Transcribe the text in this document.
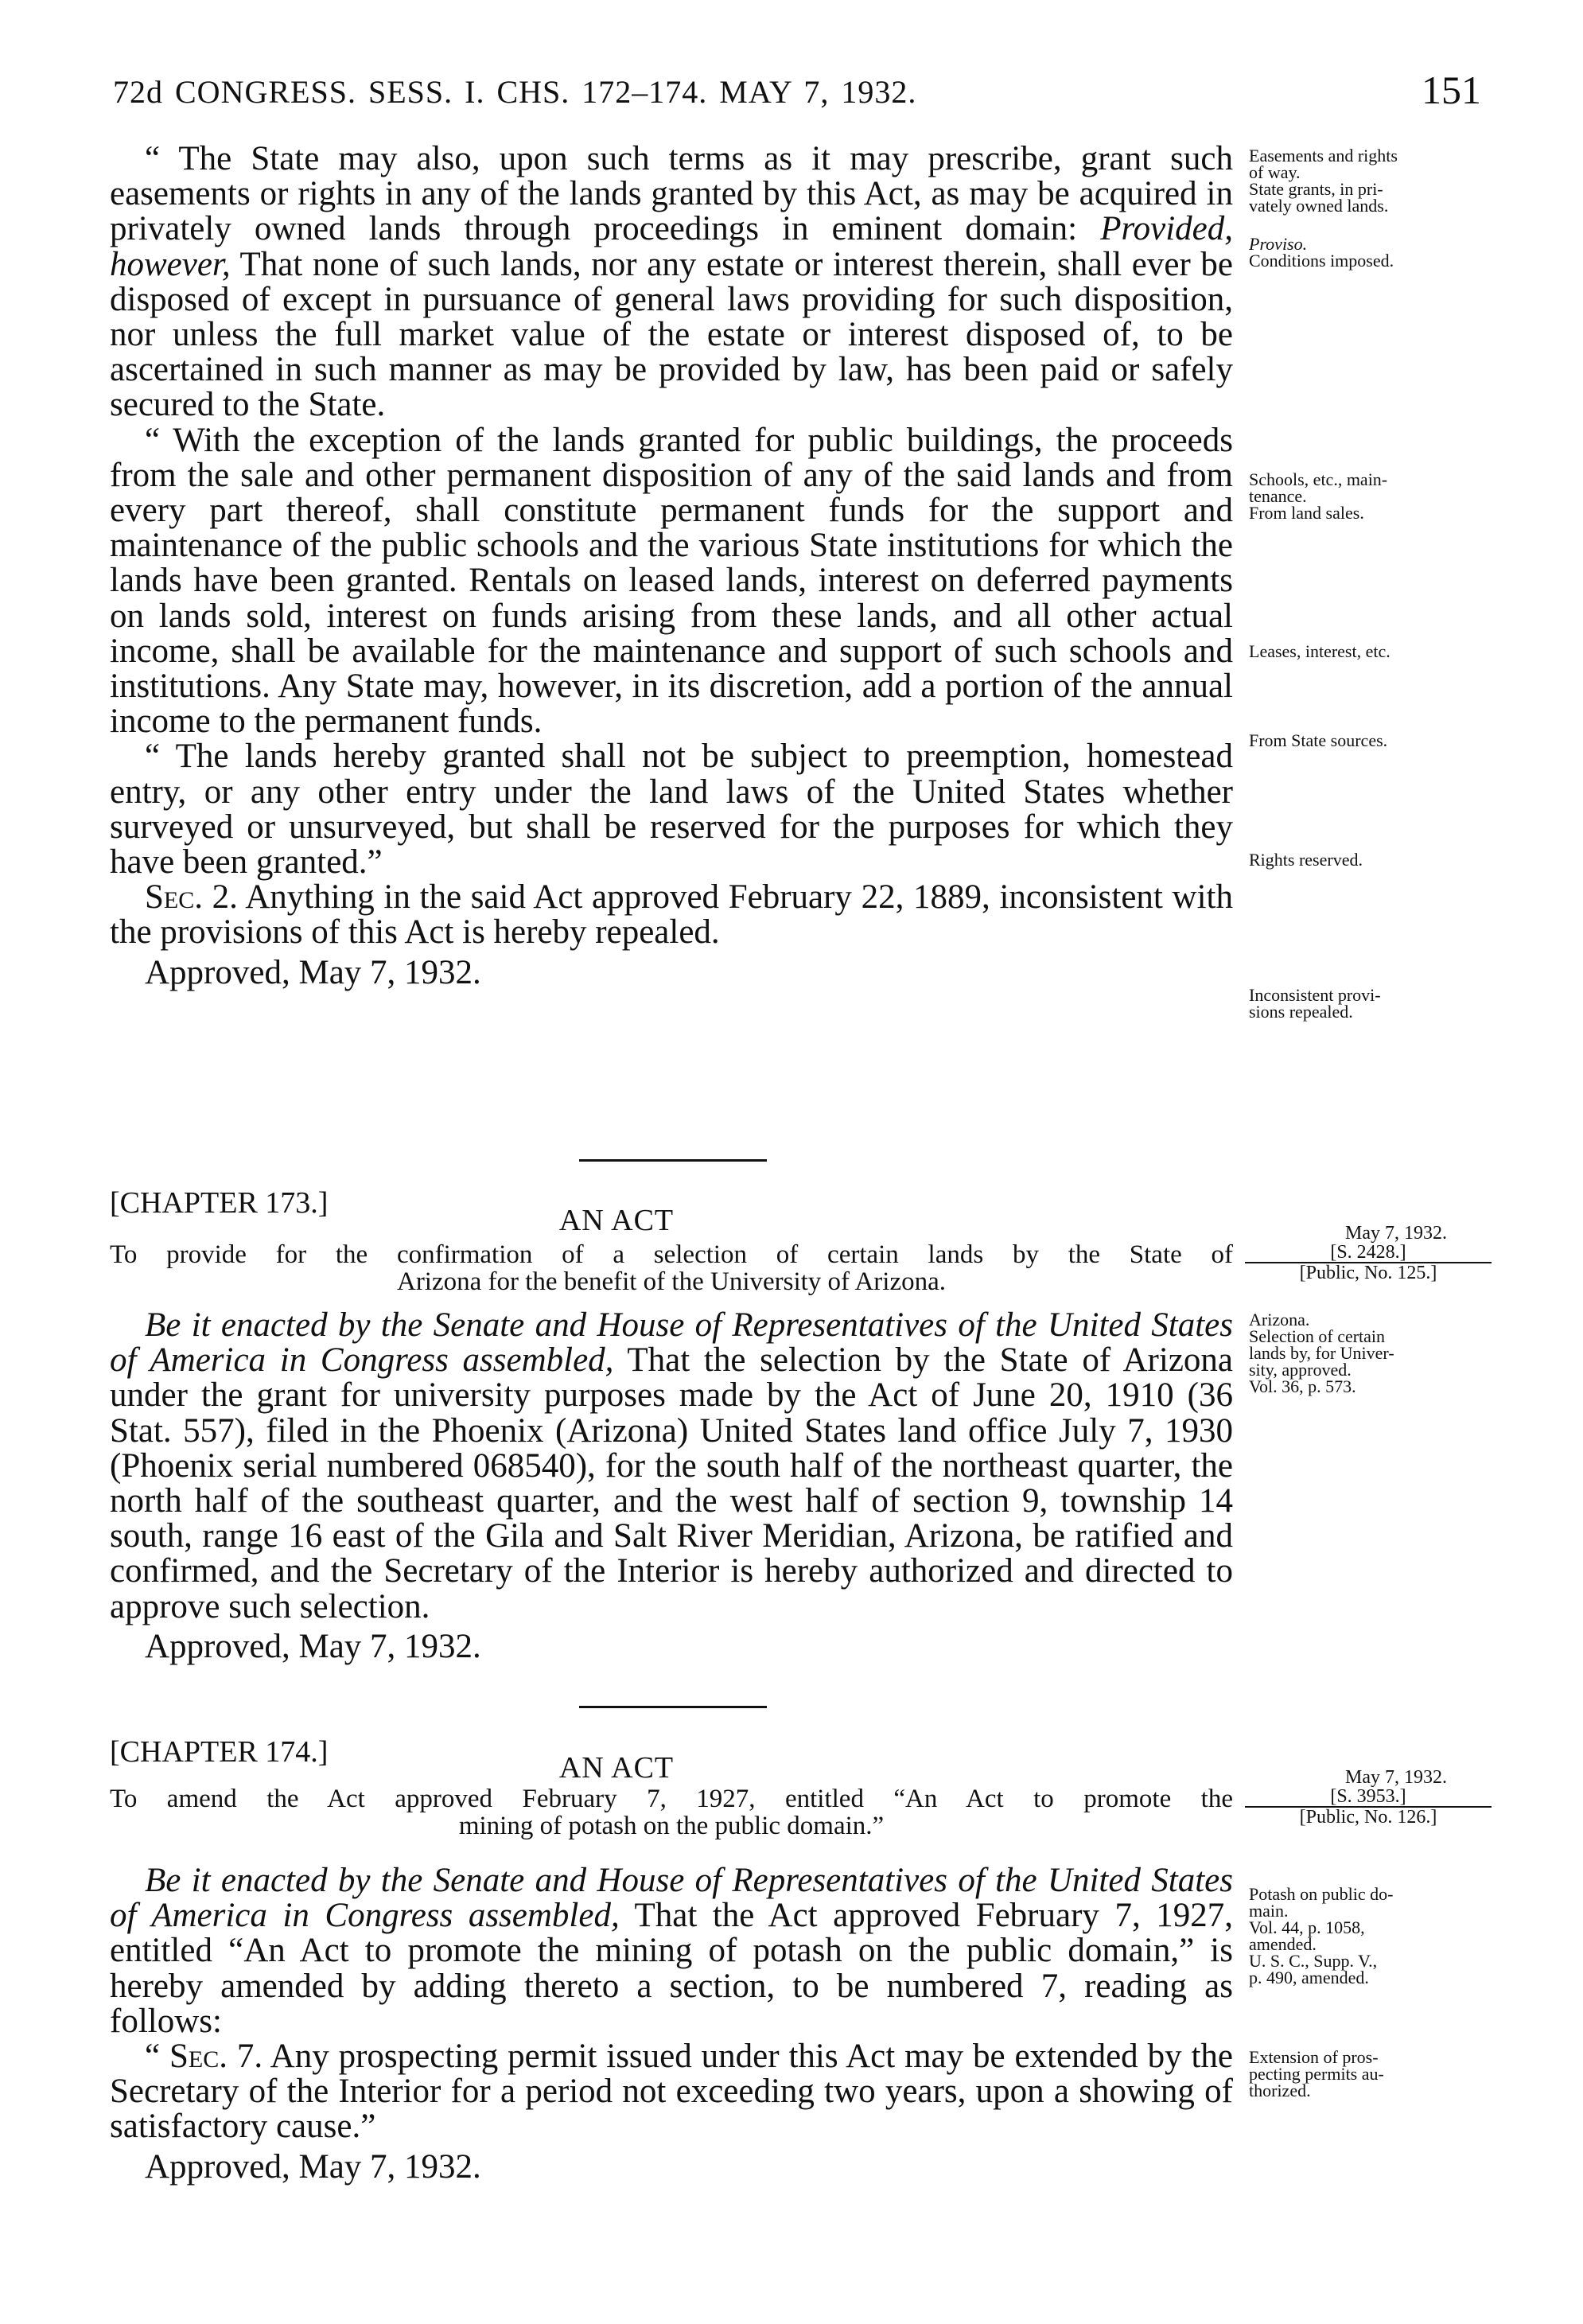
72d CONGRESS. SESS. I. CHS. 172–174. MAY 7, 1932.	151

“ The State may also, upon such terms as it may prescribe, grant such easements or rights in any of the lands granted by this Act, as may be acquired in privately owned lands through proceedings in eminent domain: Provided, however, That none of such lands, nor any estate or interest therein, shall ever be disposed of except in pursuance of general laws providing for such disposition, nor unless the full market value of the estate or interest disposed of, to be ascertained in such manner as may be provided by law, has been paid or safely secured to the State.

“ With the exception of the lands granted for public buildings, the proceeds from the sale and other permanent disposition of any of the said lands and from every part thereof, shall constitute permanent funds for the support and maintenance of the public schools and the various State institutions for which the lands have been granted. Rentals on leased lands, interest on deferred payments on lands sold, interest on funds arising from these lands, and all other actual income, shall be available for the maintenance and support of such schools and institutions. Any State may, however, in its discretion, add a portion of the annual income to the permanent funds.

“ The lands hereby granted shall not be subject to preemption, homestead entry, or any other entry under the land laws of the United States whether surveyed or unsurveyed, but shall be reserved for the purposes for which they have been granted.”

Sec. 2. Anything in the said Act approved February 22, 1889, inconsistent with the provisions of this Act is hereby repealed.

Approved, May 7, 1932.

[CHAPTER 173.]
AN ACT
To provide for the confirmation of a selection of certain lands by the State of
Arizona for the benefit of the University of Arizona.
May 7, 1932.
[S. 2428.]
[Public, No. 125.]

Be it enacted by the Senate and House of Representatives of the United States of America in Congress assembled, That the selection by the State of Arizona under the grant for university purposes made by the Act of June 20, 1910 (36 Stat. 557), filed in the Phoenix (Arizona) United States land office July 7, 1930 (Phoenix serial numbered 068540), for the south half of the northeast quarter, the north half of the southeast quarter, and the west half of section 9, township 14 south, range 16 east of the Gila and Salt River Meridian, Arizona, be ratified and confirmed, and the Secretary of the Interior is hereby authorized and directed to approve such selection.

Approved, May 7, 1932.

[CHAPTER 174.]	AN ACT
To amend the Act approved February 7, 1927, entitled “An Act to promote the
mining of potash on the public domain.”
May 7, 1932.
[S. 3953.]
[Public, No. 126.]

Be it enacted by the Senate and House of Representatives of the United States of America in Congress assembled, That the Act approved February 7, 1927, entitled “An Act to promote the mining of potash on the public domain,” is hereby amended by adding thereto a section, to be numbered 7, reading as follows:

“ Sec. 7. Any prospecting permit issued under this Act may be extended by the Secretary of the Interior for a period not exceeding two years, upon a showing of satisfactory cause.”

Approved, May 7, 1932.

Easements and rights
of way.
State grants, in pri-
vately owned lands.
Proviso.
Conditions imposed.
Schools, etc., main-
tenance.
From land sales.
Leases, interest, etc.
From State sources.
Rights reserved.
Inconsistent provi-
sions repealed.
Arizona.
Selection of certain
lands by, for Univer-
sity, approved.
Vol. 36, p. 573.
Potash on public do-
main.
Vol. 44, p. 1058,
amended.
U. S. C., Supp. V.,
p. 490, amended.
Extension of pros-
pecting permits au-
thorized.
